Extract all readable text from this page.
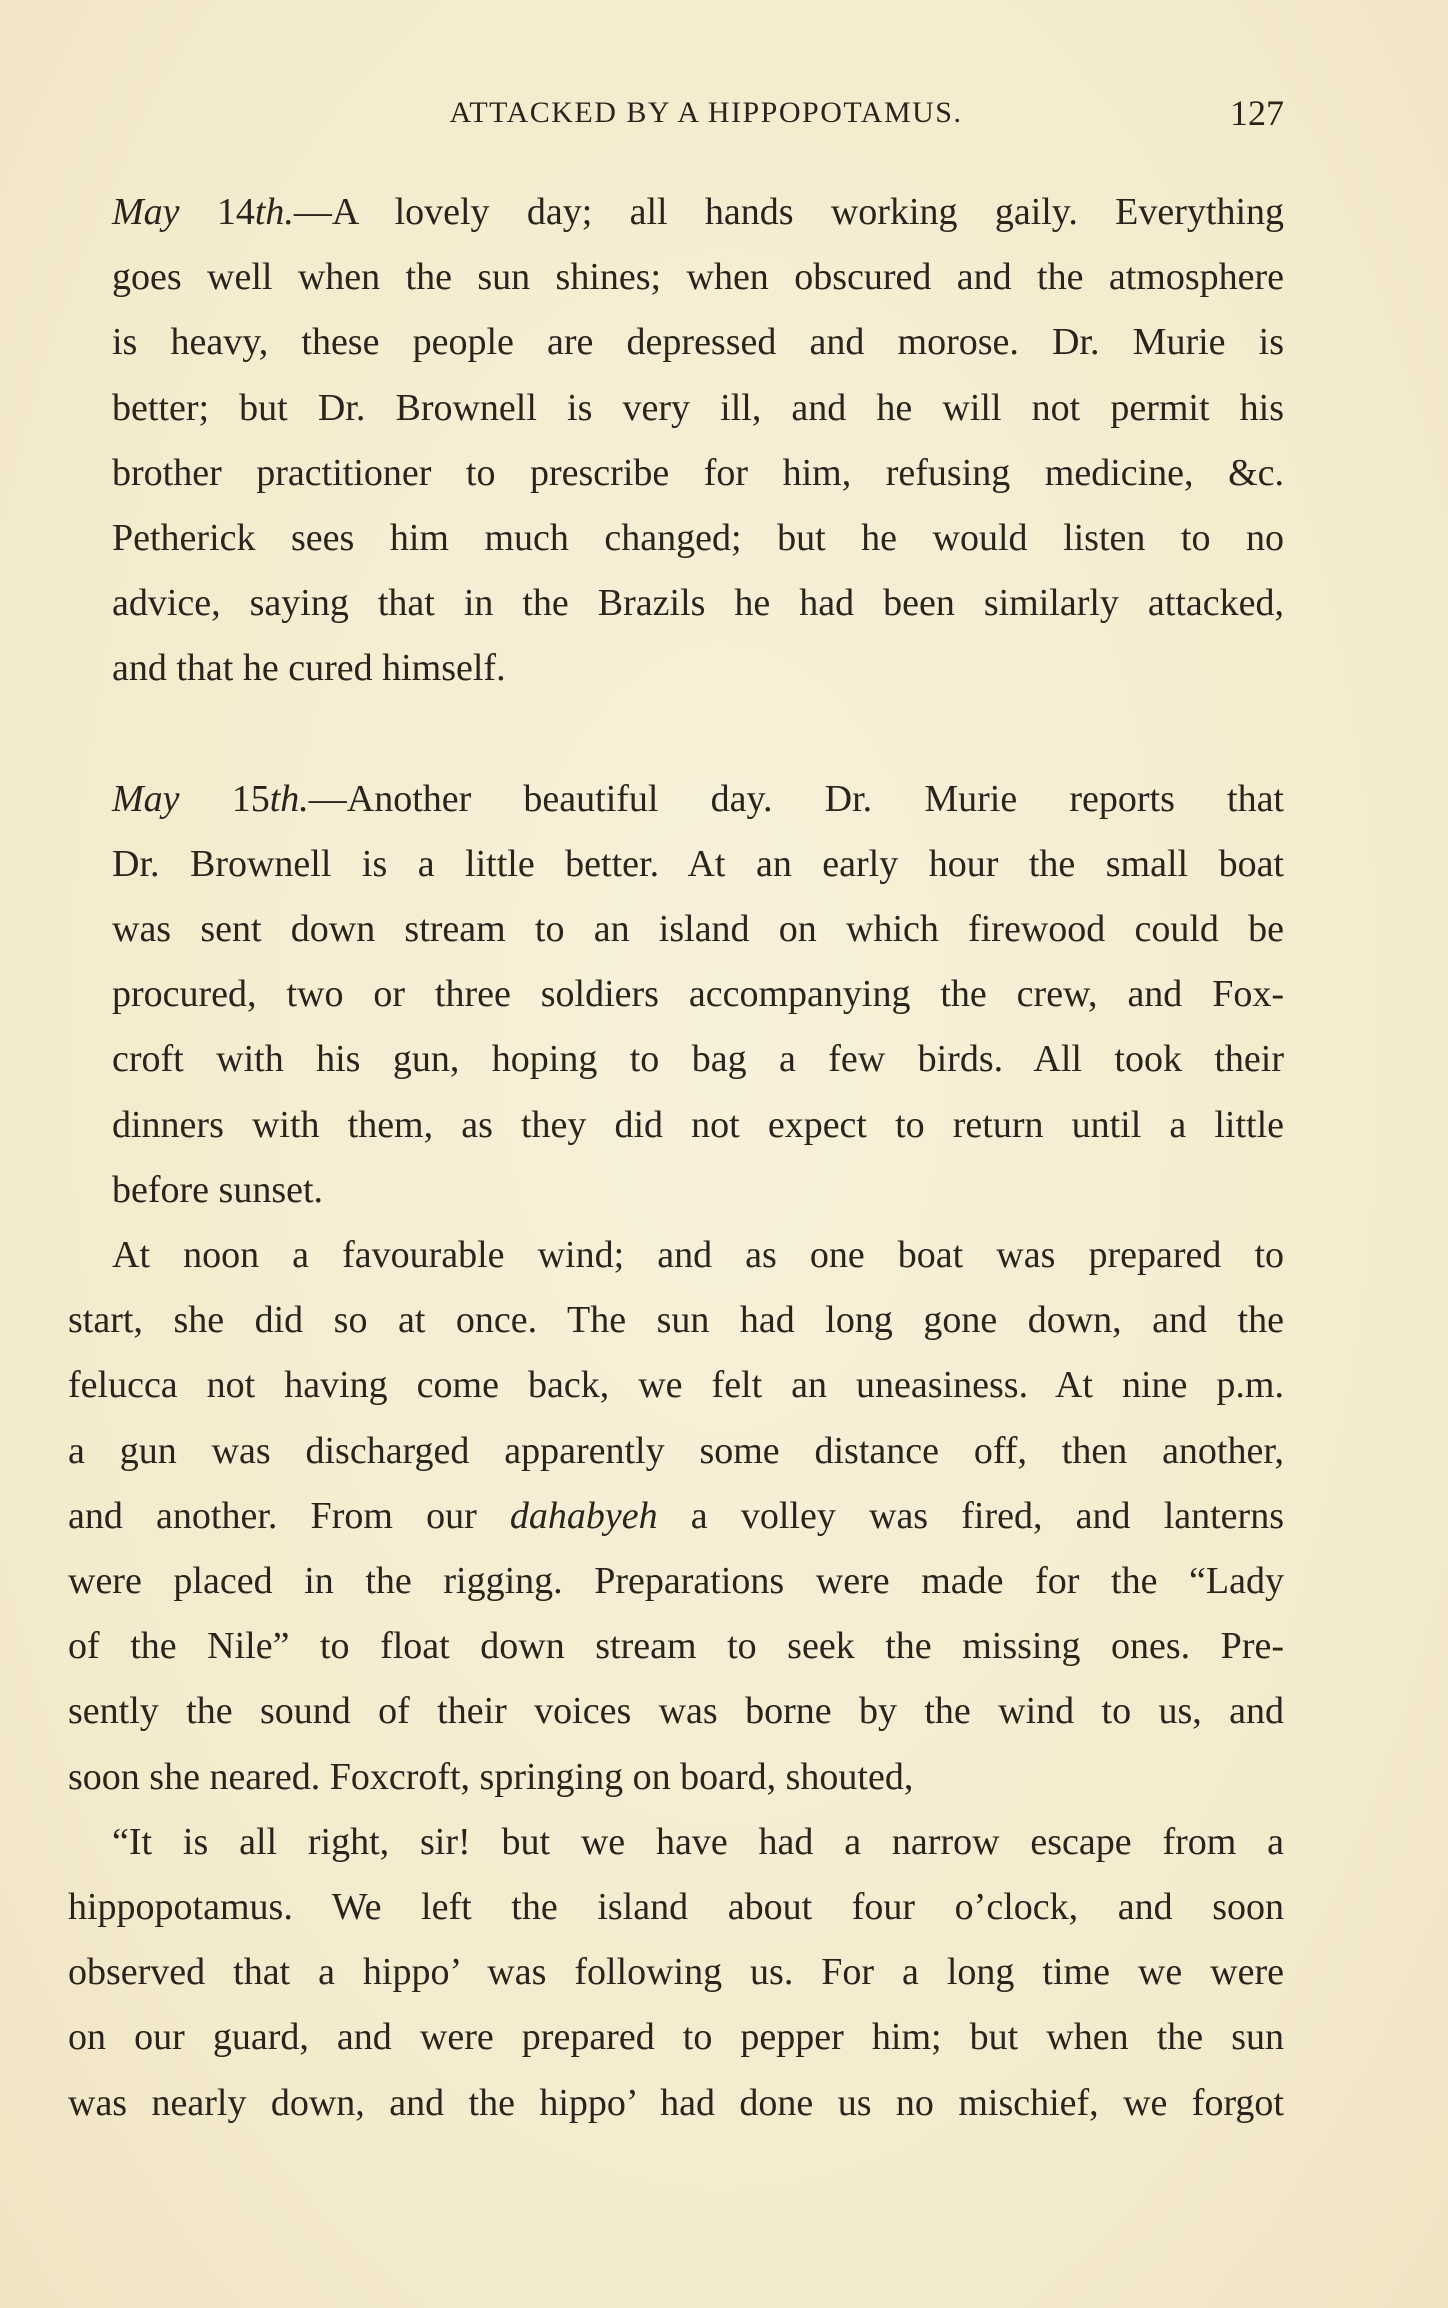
ATTACKED BY A HIPPOPOTAMUS.	127
May 14th.—A lovely day; all hands working gaily. Everything
goes well when the sun shines; when obscured and the atmosphere
is heavy, these people are depressed and morose. Dr. Murie is
better; but Dr. Brownell is very ill, and he will not permit his
brother practitioner to prescribe for him, refusing medicine, &c.
Petherick sees him much changed; but he would listen to no
advice, saying that in the Brazils he had been similarly attacked,
and that he cured himself.
May 15th.—Another beautiful day. Dr. Murie reports that
Dr. Brownell is a little better. At an early hour the small boat
was sent down stream to an island on which firewood could be
procured, two or three soldiers accompanying the crew, and Fox-
croft with his gun, hoping to bag a few birds. All took their
dinners with them, as they did not expect to return until a little
before sunset.
At noon a favourable wind; and as one boat was prepared to
start, she did so at once. The sun had long gone down, and the
felucca not having come back, we felt an uneasiness. At nine p.m.
a gun was discharged apparently some distance off, then another,
and another. From our dahabyeh a volley was fired, and lanterns
were placed in the rigging. Preparations were made for the “Lady
of the Nile” to float down stream to seek the missing ones. Pre-
sently the sound of their voices was borne by the wind to us, and
soon she neared. Foxcroft, springing on board, shouted,
“It is all right, sir! but we have had a narrow escape from a
hippopotamus. We left the island about four o’clock, and soon
observed that a hippo’ was following us. For a long time we were
on our guard, and were prepared to pepper him; but when the sun
was nearly down, and the hippo’ had done us no mischief, we forgot
